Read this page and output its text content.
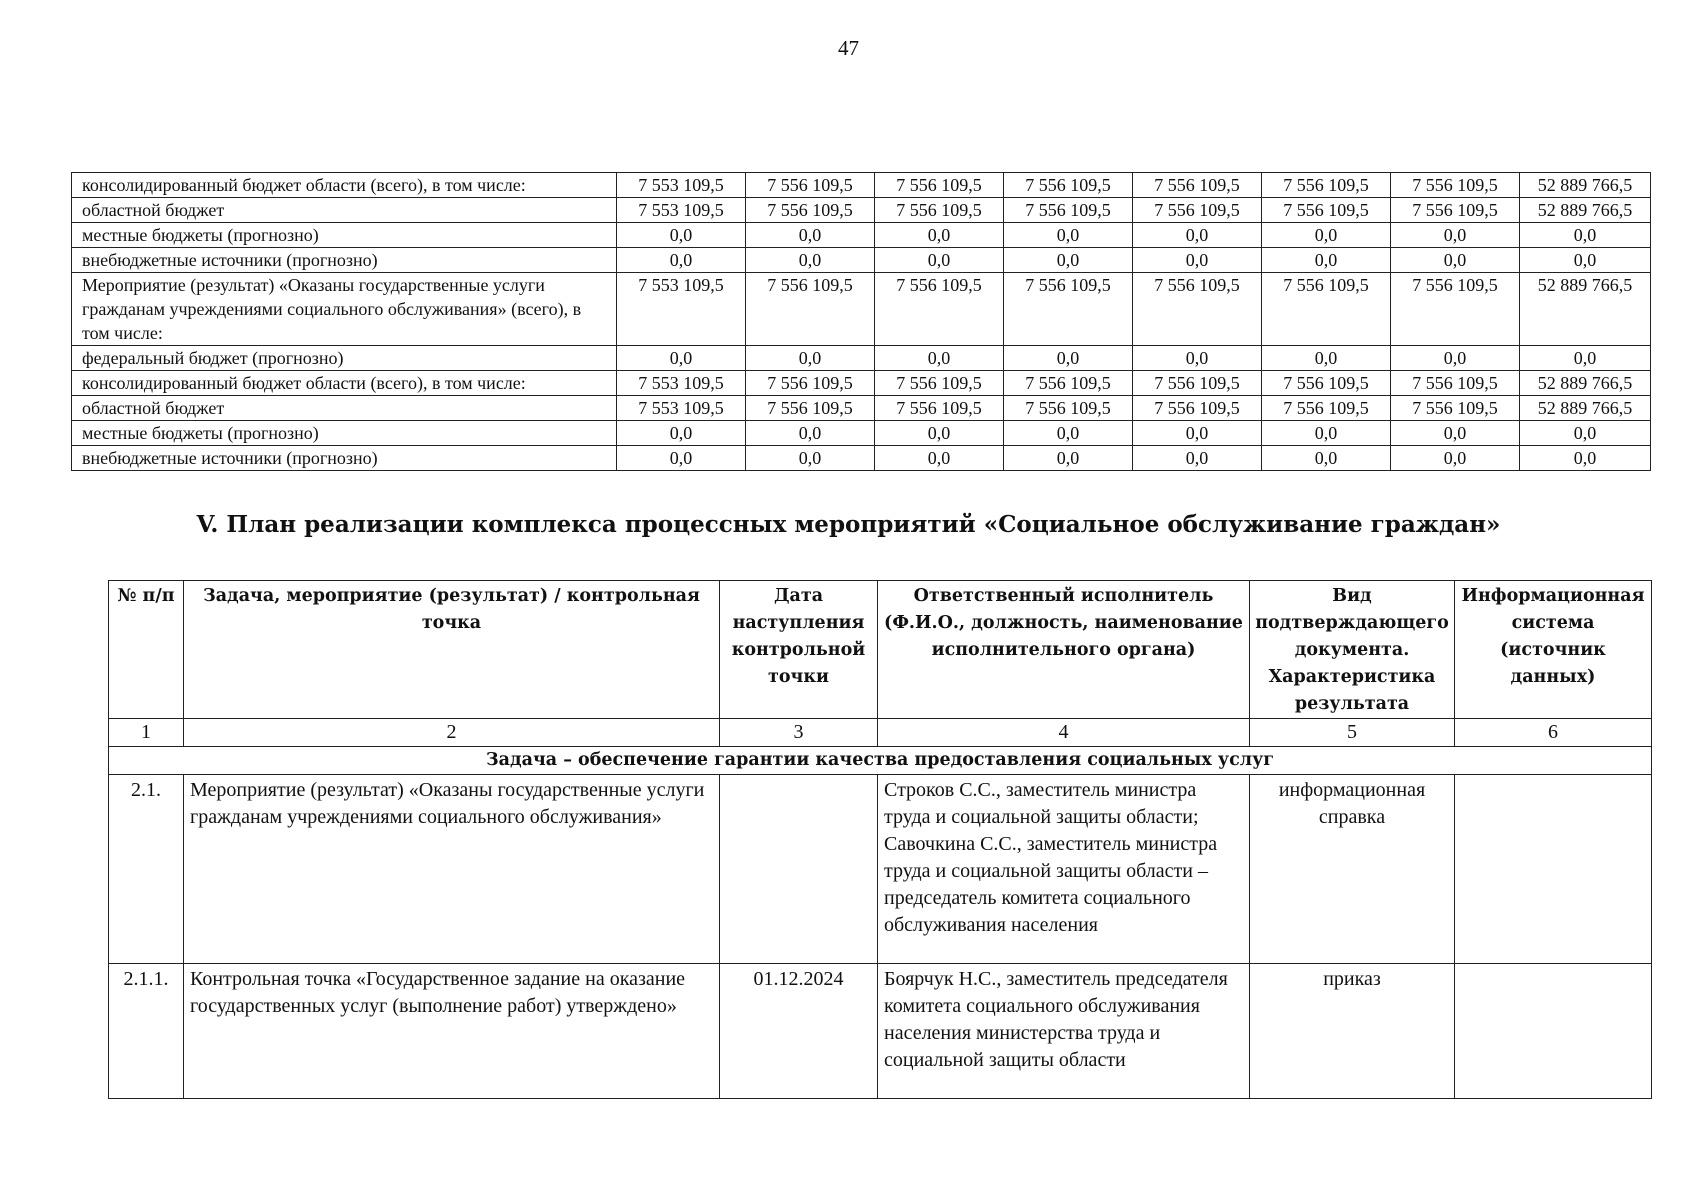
47
консолидированный бюджет области (всего), в том числе:	7 553 109,5	7 556 109,5	7 556 109,5	7 556 109,5	7 556 109,5	7 556 109,5	7 556 109,5	52 889 766,5
областной бюджет	7 553 109,5	7 556 109,5	7 556 109,5	7 556 109,5	7 556 109,5	7 556 109,5	7 556 109,5	52 889 766,5
местные бюджеты (прогнозно)	0,0	0,0	0,0	0,0	0,0	0,0	0,0	0,0
внебюджетные источники (прогнозно)	0,0	0,0	0,0	0,0	0,0	0,0	0,0	0,0
Мероприятие (результат) «Оказаны государственные услуги гражданам учреждениями социального обслуживания» (всего), в том числе:	7 553 109,5	7 556 109,5	7 556 109,5	7 556 109,5	7 556 109,5	7 556 109,5	7 556 109,5	52 889 766,5
федеральный бюджет (прогнозно)	0,0	0,0	0,0	0,0	0,0	0,0	0,0	0,0
консолидированный бюджет области (всего), в том числе:	7 553 109,5	7 556 109,5	7 556 109,5	7 556 109,5	7 556 109,5	7 556 109,5	7 556 109,5	52 889 766,5
областной бюджет	7 553 109,5	7 556 109,5	7 556 109,5	7 556 109,5	7 556 109,5	7 556 109,5	7 556 109,5	52 889 766,5
местные бюджеты (прогнозно)	0,0	0,0	0,0	0,0	0,0	0,0	0,0	0,0
внебюджетные источники (прогнозно)	0,0	0,0	0,0	0,0	0,0	0,0	0,0	0,0
V. План реализации комплекса процессных мероприятий «Социальное обслуживание граждан»
№ п/п	Задача, мероприятие (результат) / контрольная точка	Дата наступления контрольной точки	Ответственный исполнитель (Ф.И.О., должность, наименование исполнительного органа)	Вид подтверждающего документа. Характеристика результата	Информационная система (источник данных)
1	2	3	4	5	6
Задача – обеспечение гарантии качества предоставления социальных услуг					
2.1.	Мероприятие (результат) «Оказаны государственные услуги гражданам учреждениями социального обслуживания»		Строков С.С., заместитель министра труда и социальной защиты области; Савочкина С.С., заместитель министра труда и социальной защиты области – председатель комитета социального обслуживания населения	информационная справка	
2.1.1.	Контрольная точка «Государственное задание на оказание государственных услуг (выполнение работ) утверждено»	01.12.2024	Боярчук Н.С., заместитель председателя комитета социального обслуживания населения министерства труда и социальной защиты области	приказ	
